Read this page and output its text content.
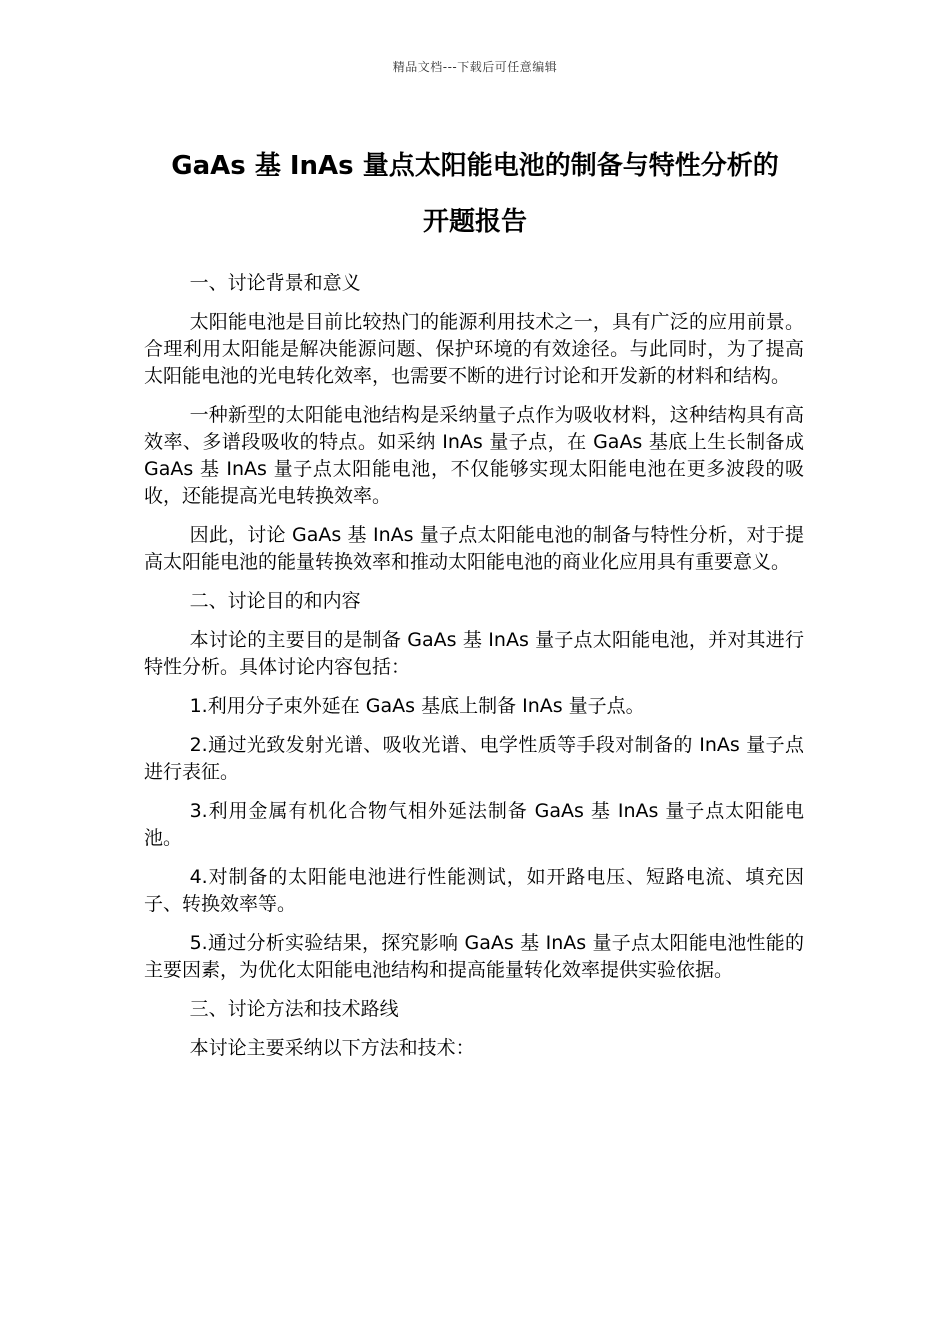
精品文档---下载后可任意编辑
GaAs 基 InAs 量点太阳能电池的制备与特性分析的
开题报告

一、讨论背景和意义

太阳能电池是目前比较热门的能源利用技术之一，具有广泛的应用前景。合理利用太阳能是解决能源问题、保护环境的有效途径。与此同时，为了提高太阳能电池的光电转化效率，也需要不断的进行讨论和开发新的材料和结构。

一种新型的太阳能电池结构是采纳量子点作为吸收材料，这种结构具有高效率、多谱段吸收的特点。如采纳 InAs 量子点，在 GaAs 基底上生长制备成 GaAs 基 InAs 量子点太阳能电池，不仅能够实现太阳能电池在更多波段的吸收，还能提高光电转换效率。

因此，讨论 GaAs 基 InAs 量子点太阳能电池的制备与特性分析，对于提高太阳能电池的能量转换效率和推动太阳能电池的商业化应用具有重要意义。

二、讨论目的和内容

本讨论的主要目的是制备 GaAs 基 InAs 量子点太阳能电池，并对其进行特性分析。具体讨论内容包括：

1.利用分子束外延在 GaAs 基底上制备 InAs 量子点。

2.通过光致发射光谱、吸收光谱、电学性质等手段对制备的 InAs 量子点进行表征。

3.利用金属有机化合物气相外延法制备 GaAs 基 InAs 量子点太阳能电池。

4.对制备的太阳能电池进行性能测试，如开路电压、短路电流、填充因子、转换效率等。

5.通过分析实验结果，探究影响 GaAs 基 InAs 量子点太阳能电池性能的主要因素，为优化太阳能电池结构和提高能量转化效率提供实验依据。

三、讨论方法和技术路线

本讨论主要采纳以下方法和技术：
